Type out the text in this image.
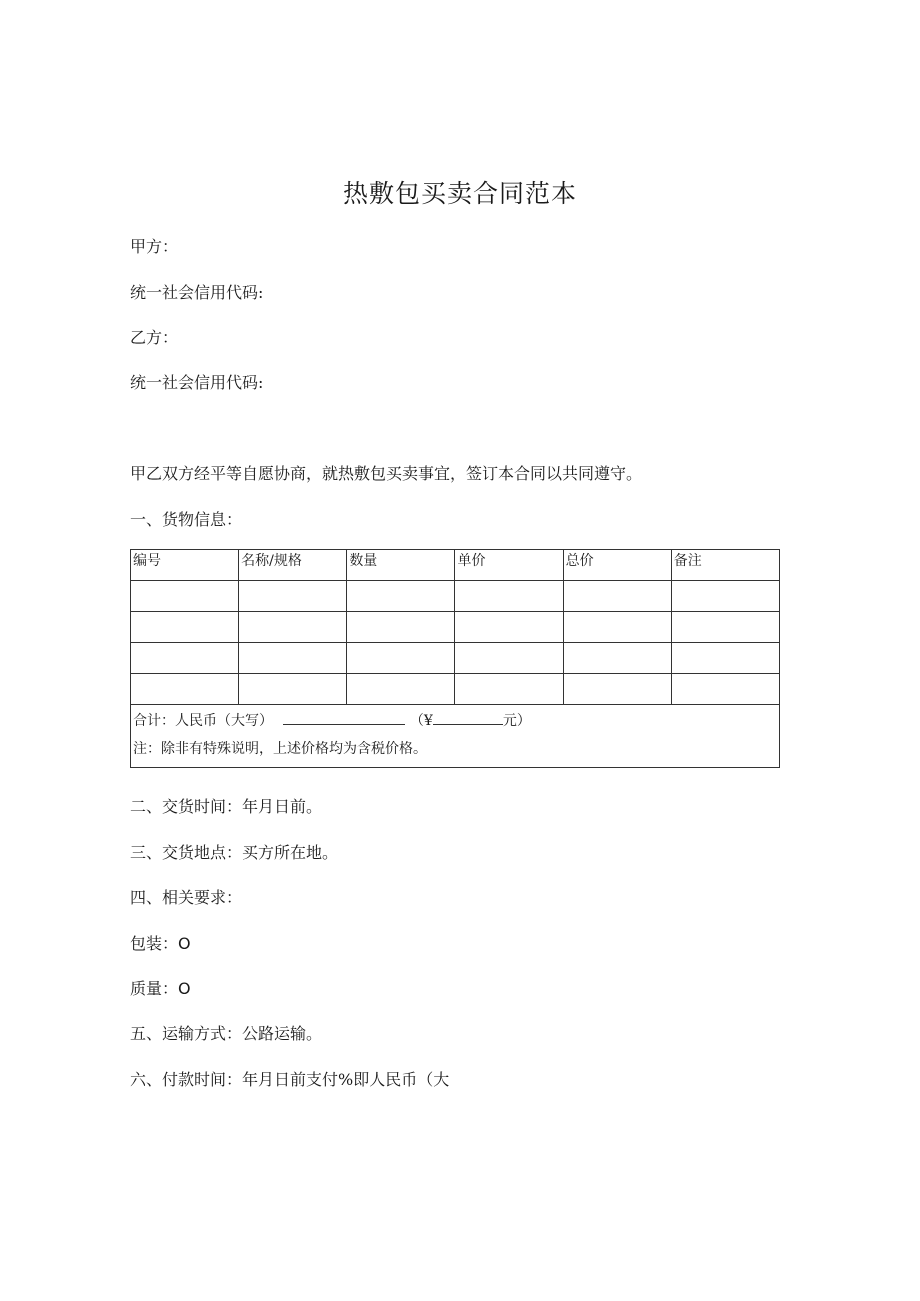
热敷包买卖合同范本
甲方：
统一社会信用代码:
乙方：
统一社会信用代码:
甲乙双方经平等自愿协商，就热敷包买卖事宜，签订本合同以共同遵守。
一、货物信息：
编号	名称/规格	数量	单价	总价	备注

合计：人民币（大写） （¥ 元）
注：除非有特殊说明，上述价格均为含税价格。					
二、交货时间：年月日前。
三、交货地点：买方所在地。
四、相关要求：
包装：O
质量：O
五、运输方式：公路运输。
六、付款时间：年月日前支付%即人民币（大
